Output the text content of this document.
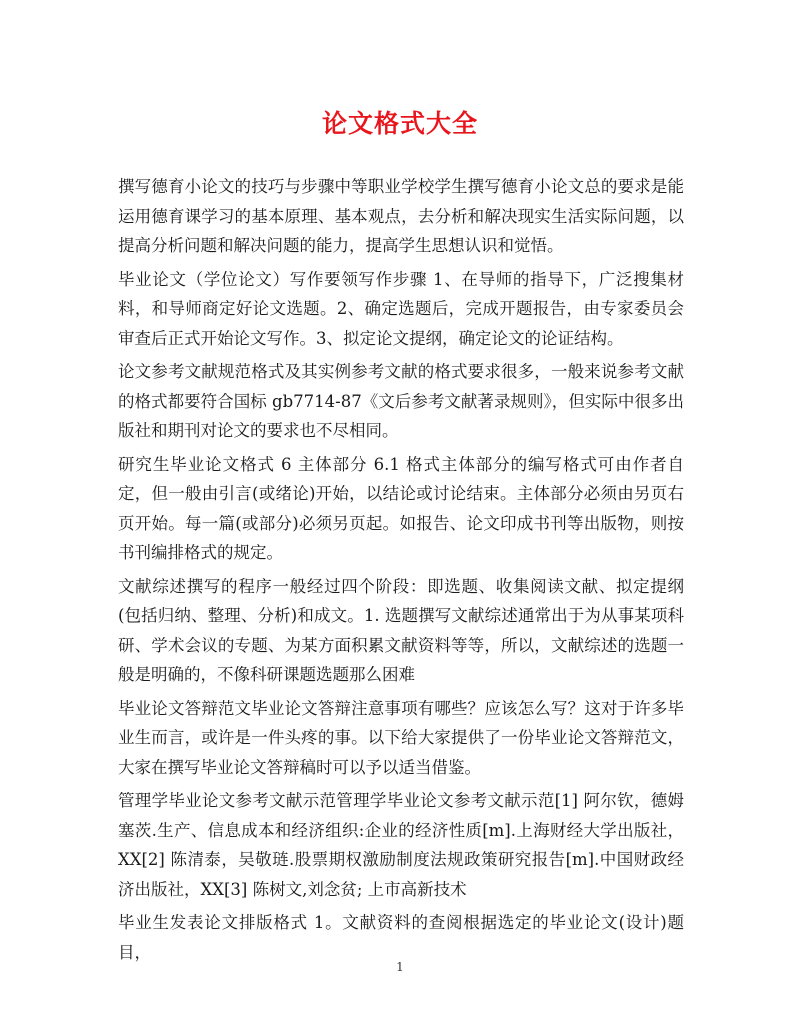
论文格式大全

撰写德育小论文的技巧与步骤中等职业学校学生撰写德育小论文总的要求是能运用德育课学习的基本原理、基本观点，去分析和解决现实生活实际问题，以提高分析问题和解决问题的能力，提高学生思想认识和觉悟。

毕业论文（学位论文）写作要领写作步骤 1、在导师的指导下，广泛搜集材料，和导师商定好论文选题。2、确定选题后，完成开题报告，由专家委员会审查后正式开始论文写作。3、拟定论文提纲，确定论文的论证结构。

论文参考文献规范格式及其实例参考文献的格式要求很多，一般来说参考文献的格式都要符合国标 gb7714-87《文后参考文献著录规则》，但实际中很多出版社和期刊对论文的要求也不尽相同。

研究生毕业论文格式 6 主体部分 6.1 格式主体部分的编写格式可由作者自定，但一般由引言(或绪论)开始，以结论或讨论结束。主体部分必须由另页右页开始。每一篇(或部分)必须另页起。如报告、论文印成书刊等出版物，则按书刊编排格式的规定。

文献综述撰写的程序一般经过四个阶段：即选题、收集阅读文献、拟定提纲(包括归纳、整理、分析)和成文。1. 选题撰写文献综述通常出于为从事某项科研、学术会议的专题、为某方面积累文献资料等等，所以，文献综述的选题一般是明确的，不像科研课题选题那么困难

毕业论文答辩范文毕业论文答辩注意事项有哪些？应该怎么写？这对于许多毕业生而言，或许是一件头疼的事。以下给大家提供了一份毕业论文答辩范文，大家在撰写毕业论文答辩稿时可以予以适当借鉴。

管理学毕业论文参考文献示范管理学毕业论文参考文献示范[1] 阿尔钦，德姆塞茨.生产、信息成本和经济组织:企业的经济性质[m].上海财经大学出版社，XX[2] 陈清泰，吴敬琏.股票期权激励制度法规政策研究报告[m].中国财政经济出版社，XX[3] 陈树文,刘念贫; 上市高新技术

毕业生发表论文排版格式 1。文献资料的查阅根据选定的毕业论文(设计)题目，

1
